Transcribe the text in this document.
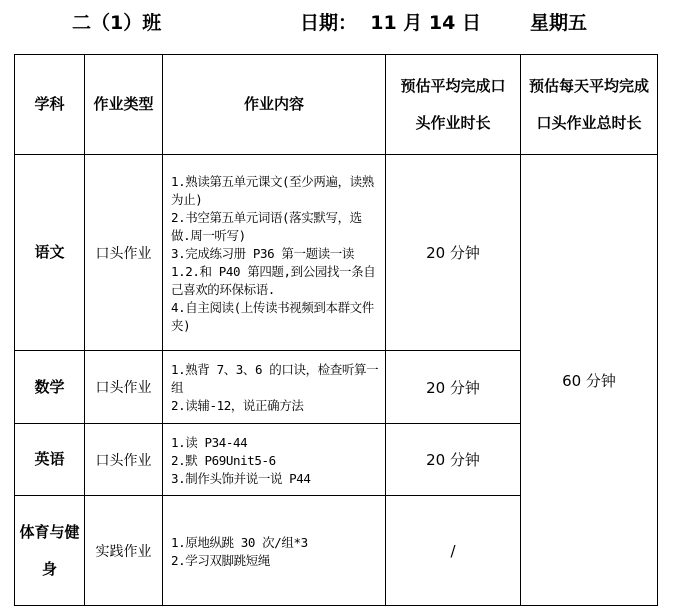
二（1）班	日期：  11 月 14 日	星期五
学科	作业类型	作业内容	预估平均完成口头作业时长	预估每天平均完成口头作业总时长
语文	口头作业	1.熟读第五单元课文(至少两遍，读熟为止)
2.书空第五单元词语(落实默写，选做.周一听写)
3.完成练习册 P36 第一题读一读 1.2.和 P40 第四题,到公园找一条自己喜欢的环保标语.
4.自主阅读(上传读书视频到本群文件夹)	20 分钟	60 分钟
数学	口头作业	1.熟背 7、3、6 的口诀，检查听算一组
2.读辅-12，说正确方法	20 分钟	
英语	口头作业	1.读 P34-44
2.默 P69Unit5-6
3.制作头饰并说一说 P44	20 分钟	
体育与健身	实践作业	1.原地纵跳 30 次/组*3
2.学习双脚跳短绳	/	
